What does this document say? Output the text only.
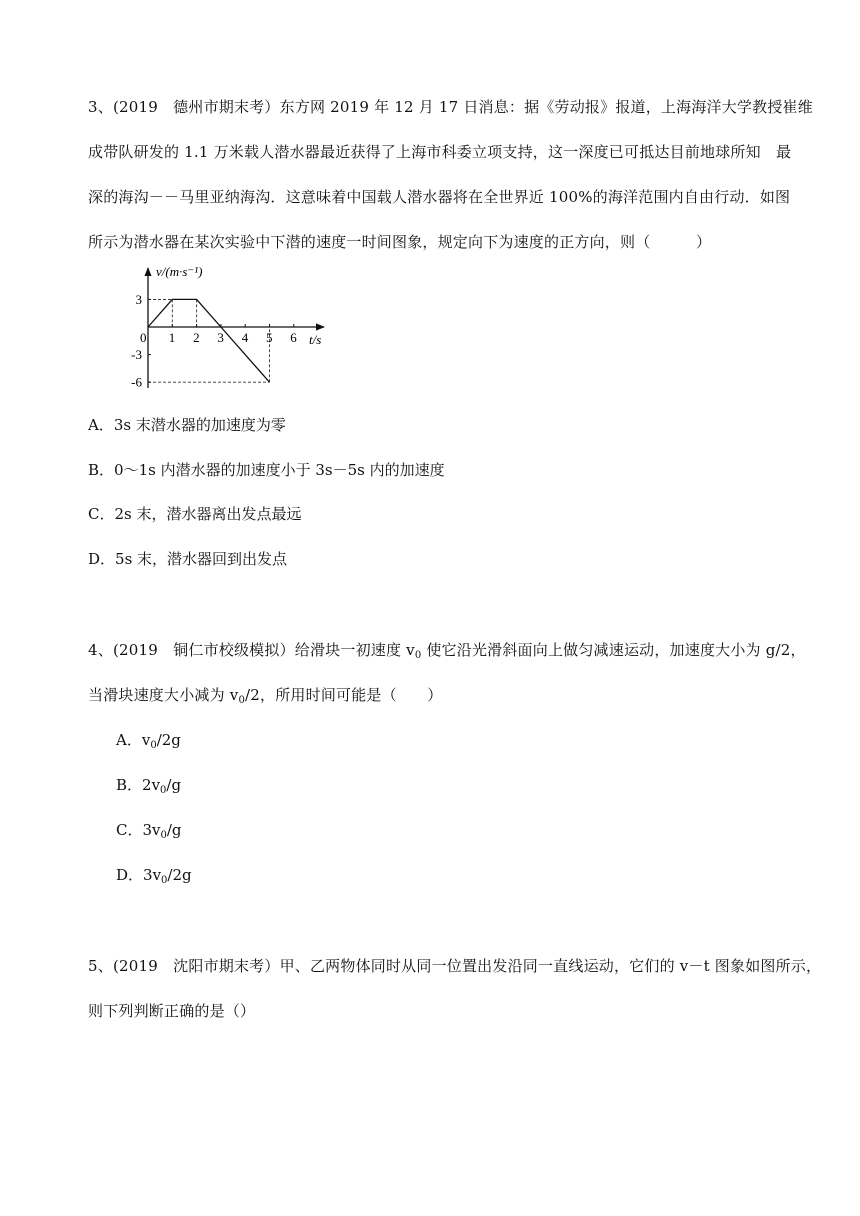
3、(2019　德州市期末考）东方网 2019 年 12 月 17 日消息：据《劳动报》报道，上海海洋大学教授崔维
成带队研发的 1.1 万米载人潜水器最近获得了上海市科委立项支持，这一深度已可抵达目前地球所知　最
深的海沟－－马里亚纳海沟．这意味着中国载人潜水器将在全世界近 100%的海洋范围内自由行动．如图
所示为潜水器在某次实验中下潜的速度一时间图象，规定向下为速度的正方向，则（　　　）
0 1 2 3 4 5 6
3
-3
-6
v/(m·s⁻¹)
t/s
A．3s 末潜水器的加速度为零
B．0～1s 内潜水器的加速度小于 3s－5s 内的加速度
C．2s 末，潜水器离出发点最远
D．5s 末，潜水器回到出发点
4、(2019　铜仁市校级模拟）给滑块一初速度 $v_0$ 使它沿光滑斜面向上做匀减速运动，加速度大小为 g/2，
当滑块速度大小减为 $v_0/2$，所用时间可能是（　　）
A．$v_0/2g$
B．$2v_0/g$
C．$3v_0/g$
D．$3v_0/2g$
5、(2019　沈阳市期末考）甲、乙两物体同时从同一位置出发沿同一直线运动，它们的 v－t 图象如图所示，
则下列判断正确的是（）
